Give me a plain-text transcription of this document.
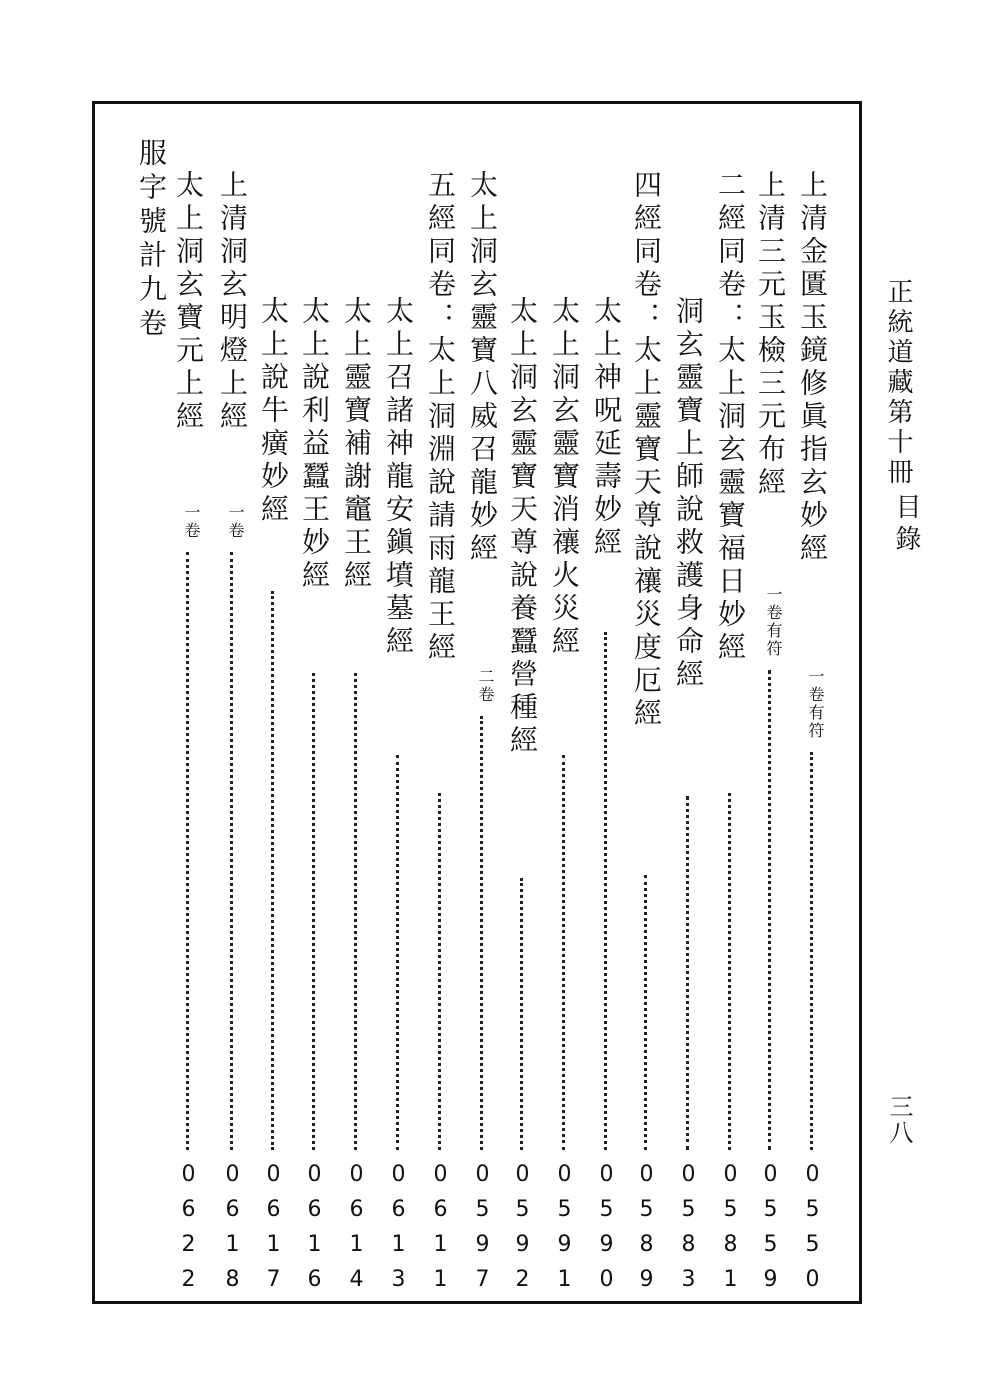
正統道藏第十冊
目錄
三八
上清金匱玉鏡修眞指玄妙經
一卷有符
0550
上清三元玉檢三元布經
一卷有符
0559
二經同卷：太上洞玄靈寶福日妙經
0581
洞玄靈寶上師說救護身命經
0583
四經同卷：太上靈寶天尊說禳災度厄經
0589
太上神呪延壽妙經
0590
太上洞玄靈寶消禳火災經
0591
太上洞玄靈寶天尊說養蠶營種經
0592
太上洞玄靈寶八威召龍妙經
二卷
0597
五經同卷：太上洞淵說請雨龍王經
0611
太上召諸神龍安鎭墳墓經
0613
太上靈寶補謝竈王經
0614
太上說利益蠶王妙經
0616
太上說牛癀妙經
0617
上清洞玄明燈上經
一卷
0618
太上洞玄寶元上經
一卷
0622
服字號計九卷
